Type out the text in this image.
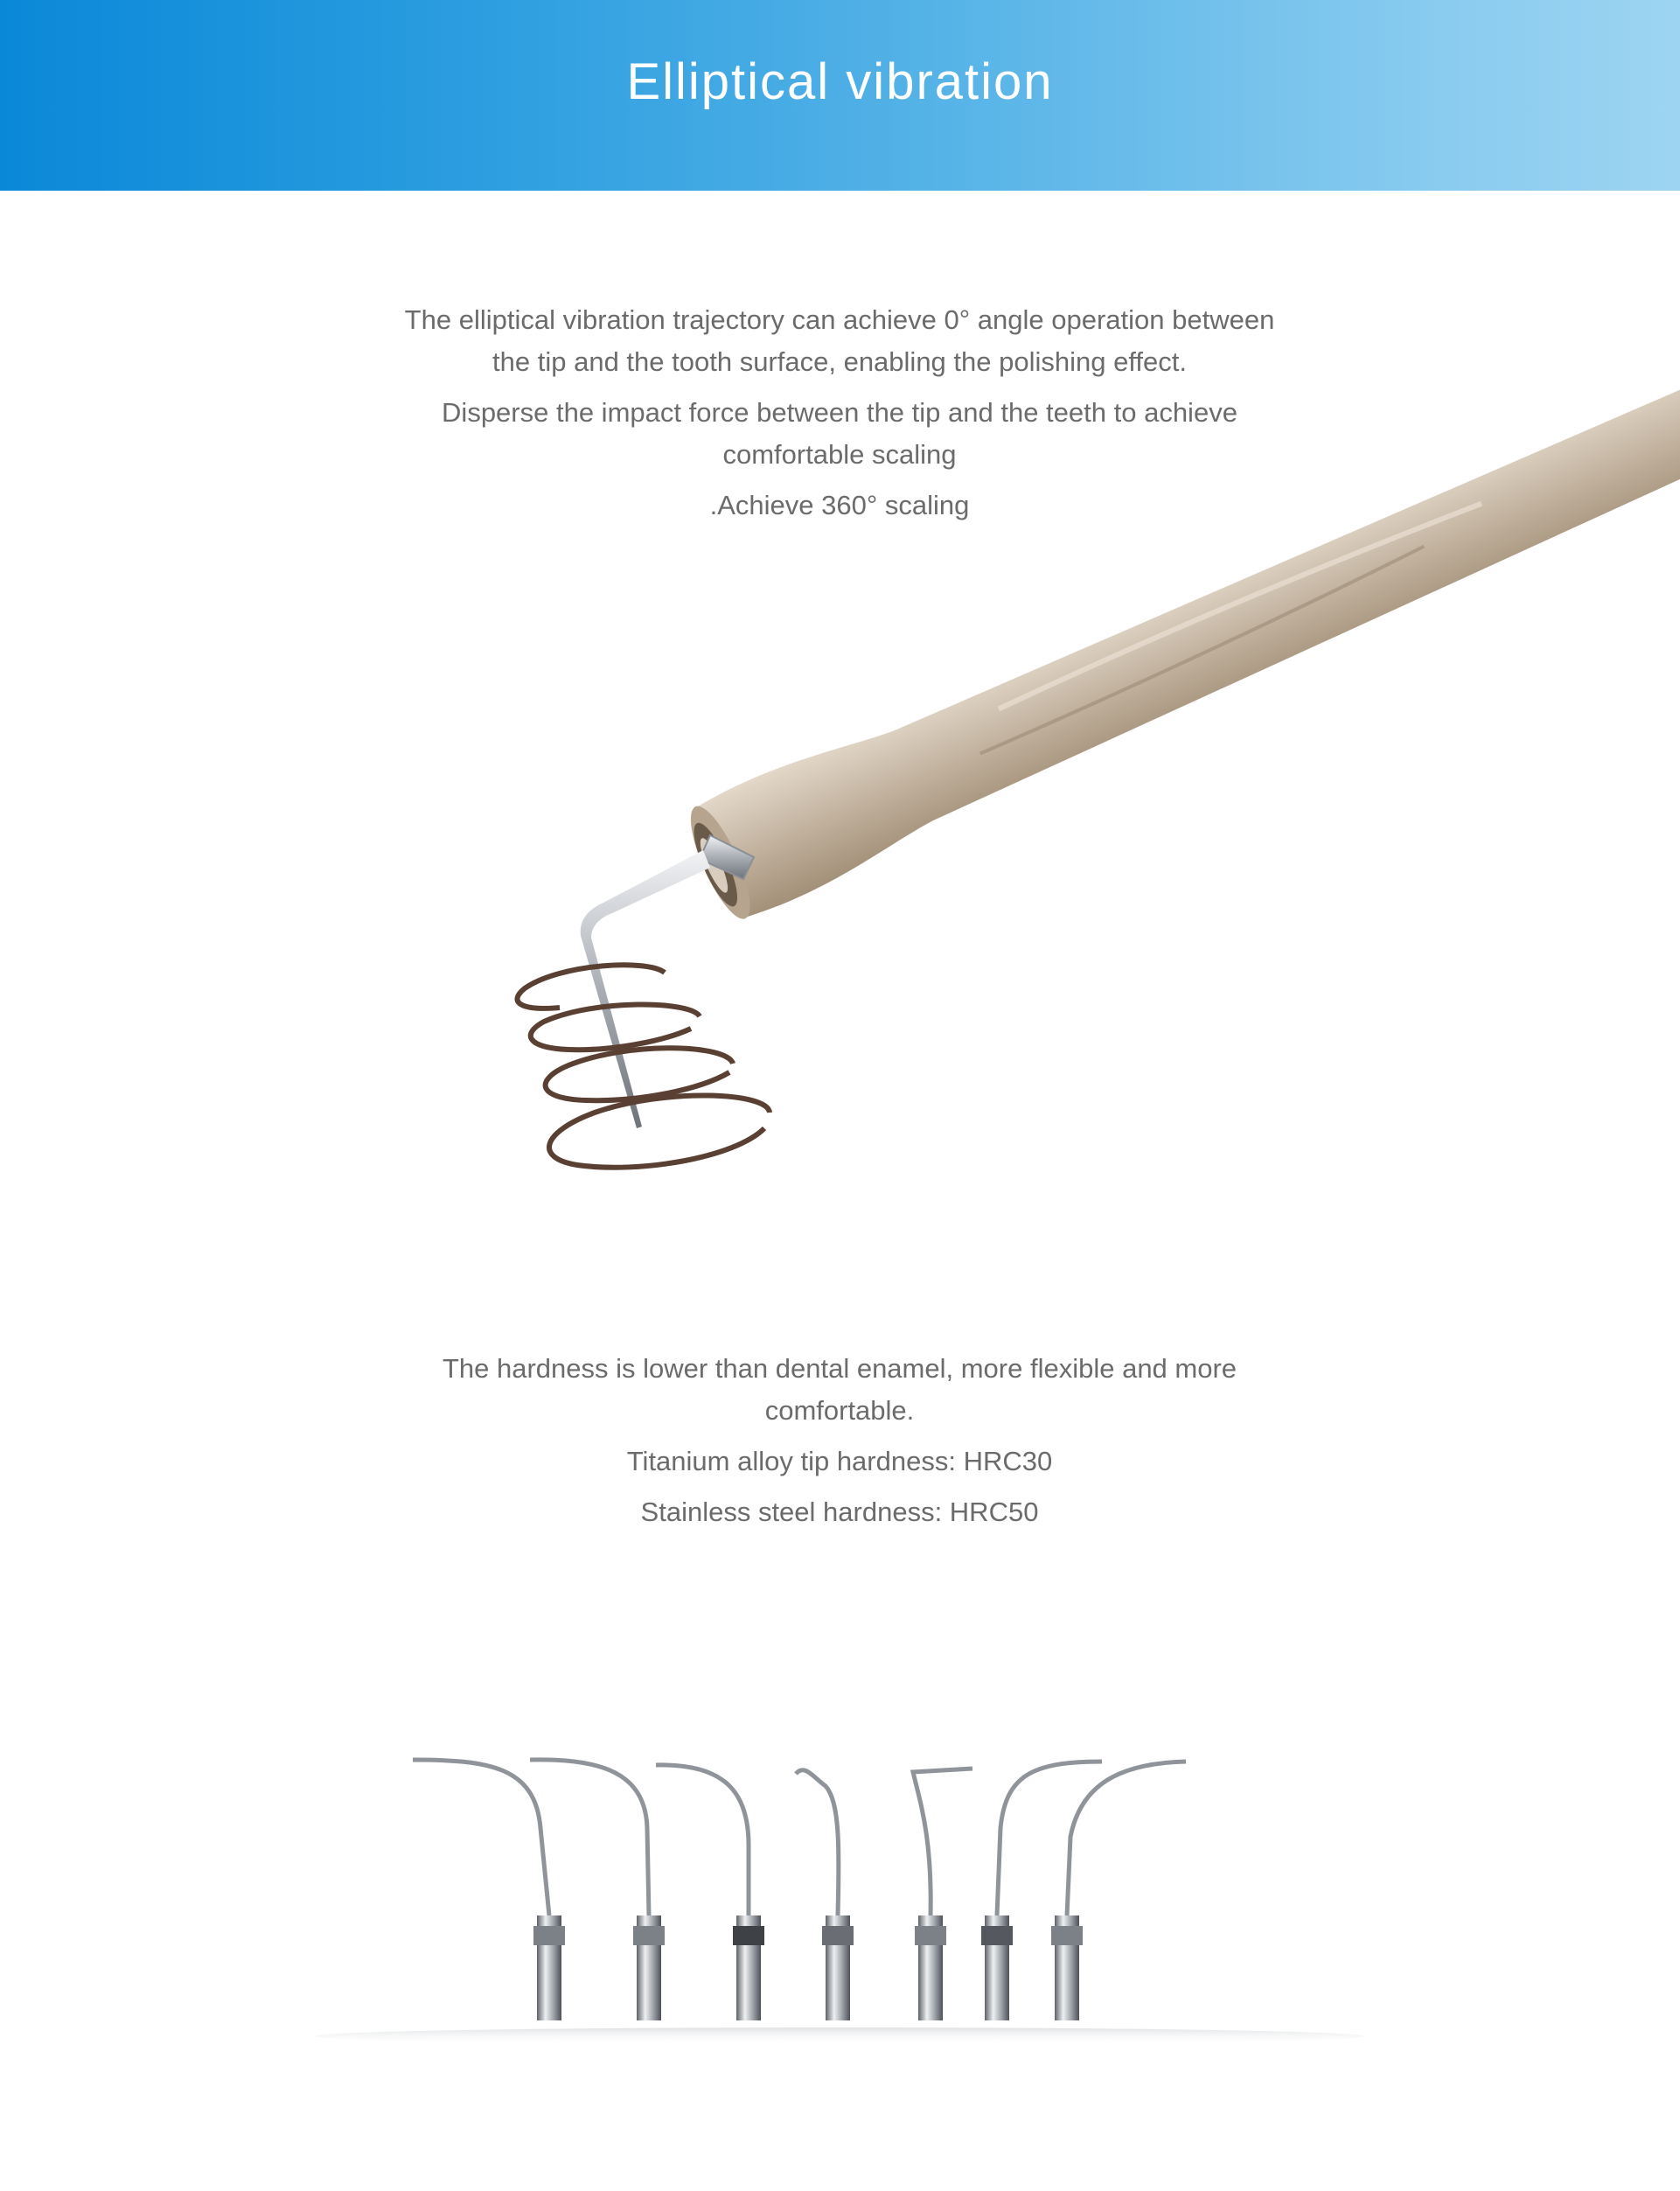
Elliptical vibration

The elliptical vibration trajectory can achieve 0° angle operation between the tip and the tooth surface, enabling the polishing effect.

Disperse the impact force between the tip and the teeth to achieve comfortable scaling

.Achieve 360° scaling

The hardness is lower than dental enamel, more flexible and more comfortable.

Titanium alloy tip hardness: HRC30

Stainless steel hardness: HRC50
